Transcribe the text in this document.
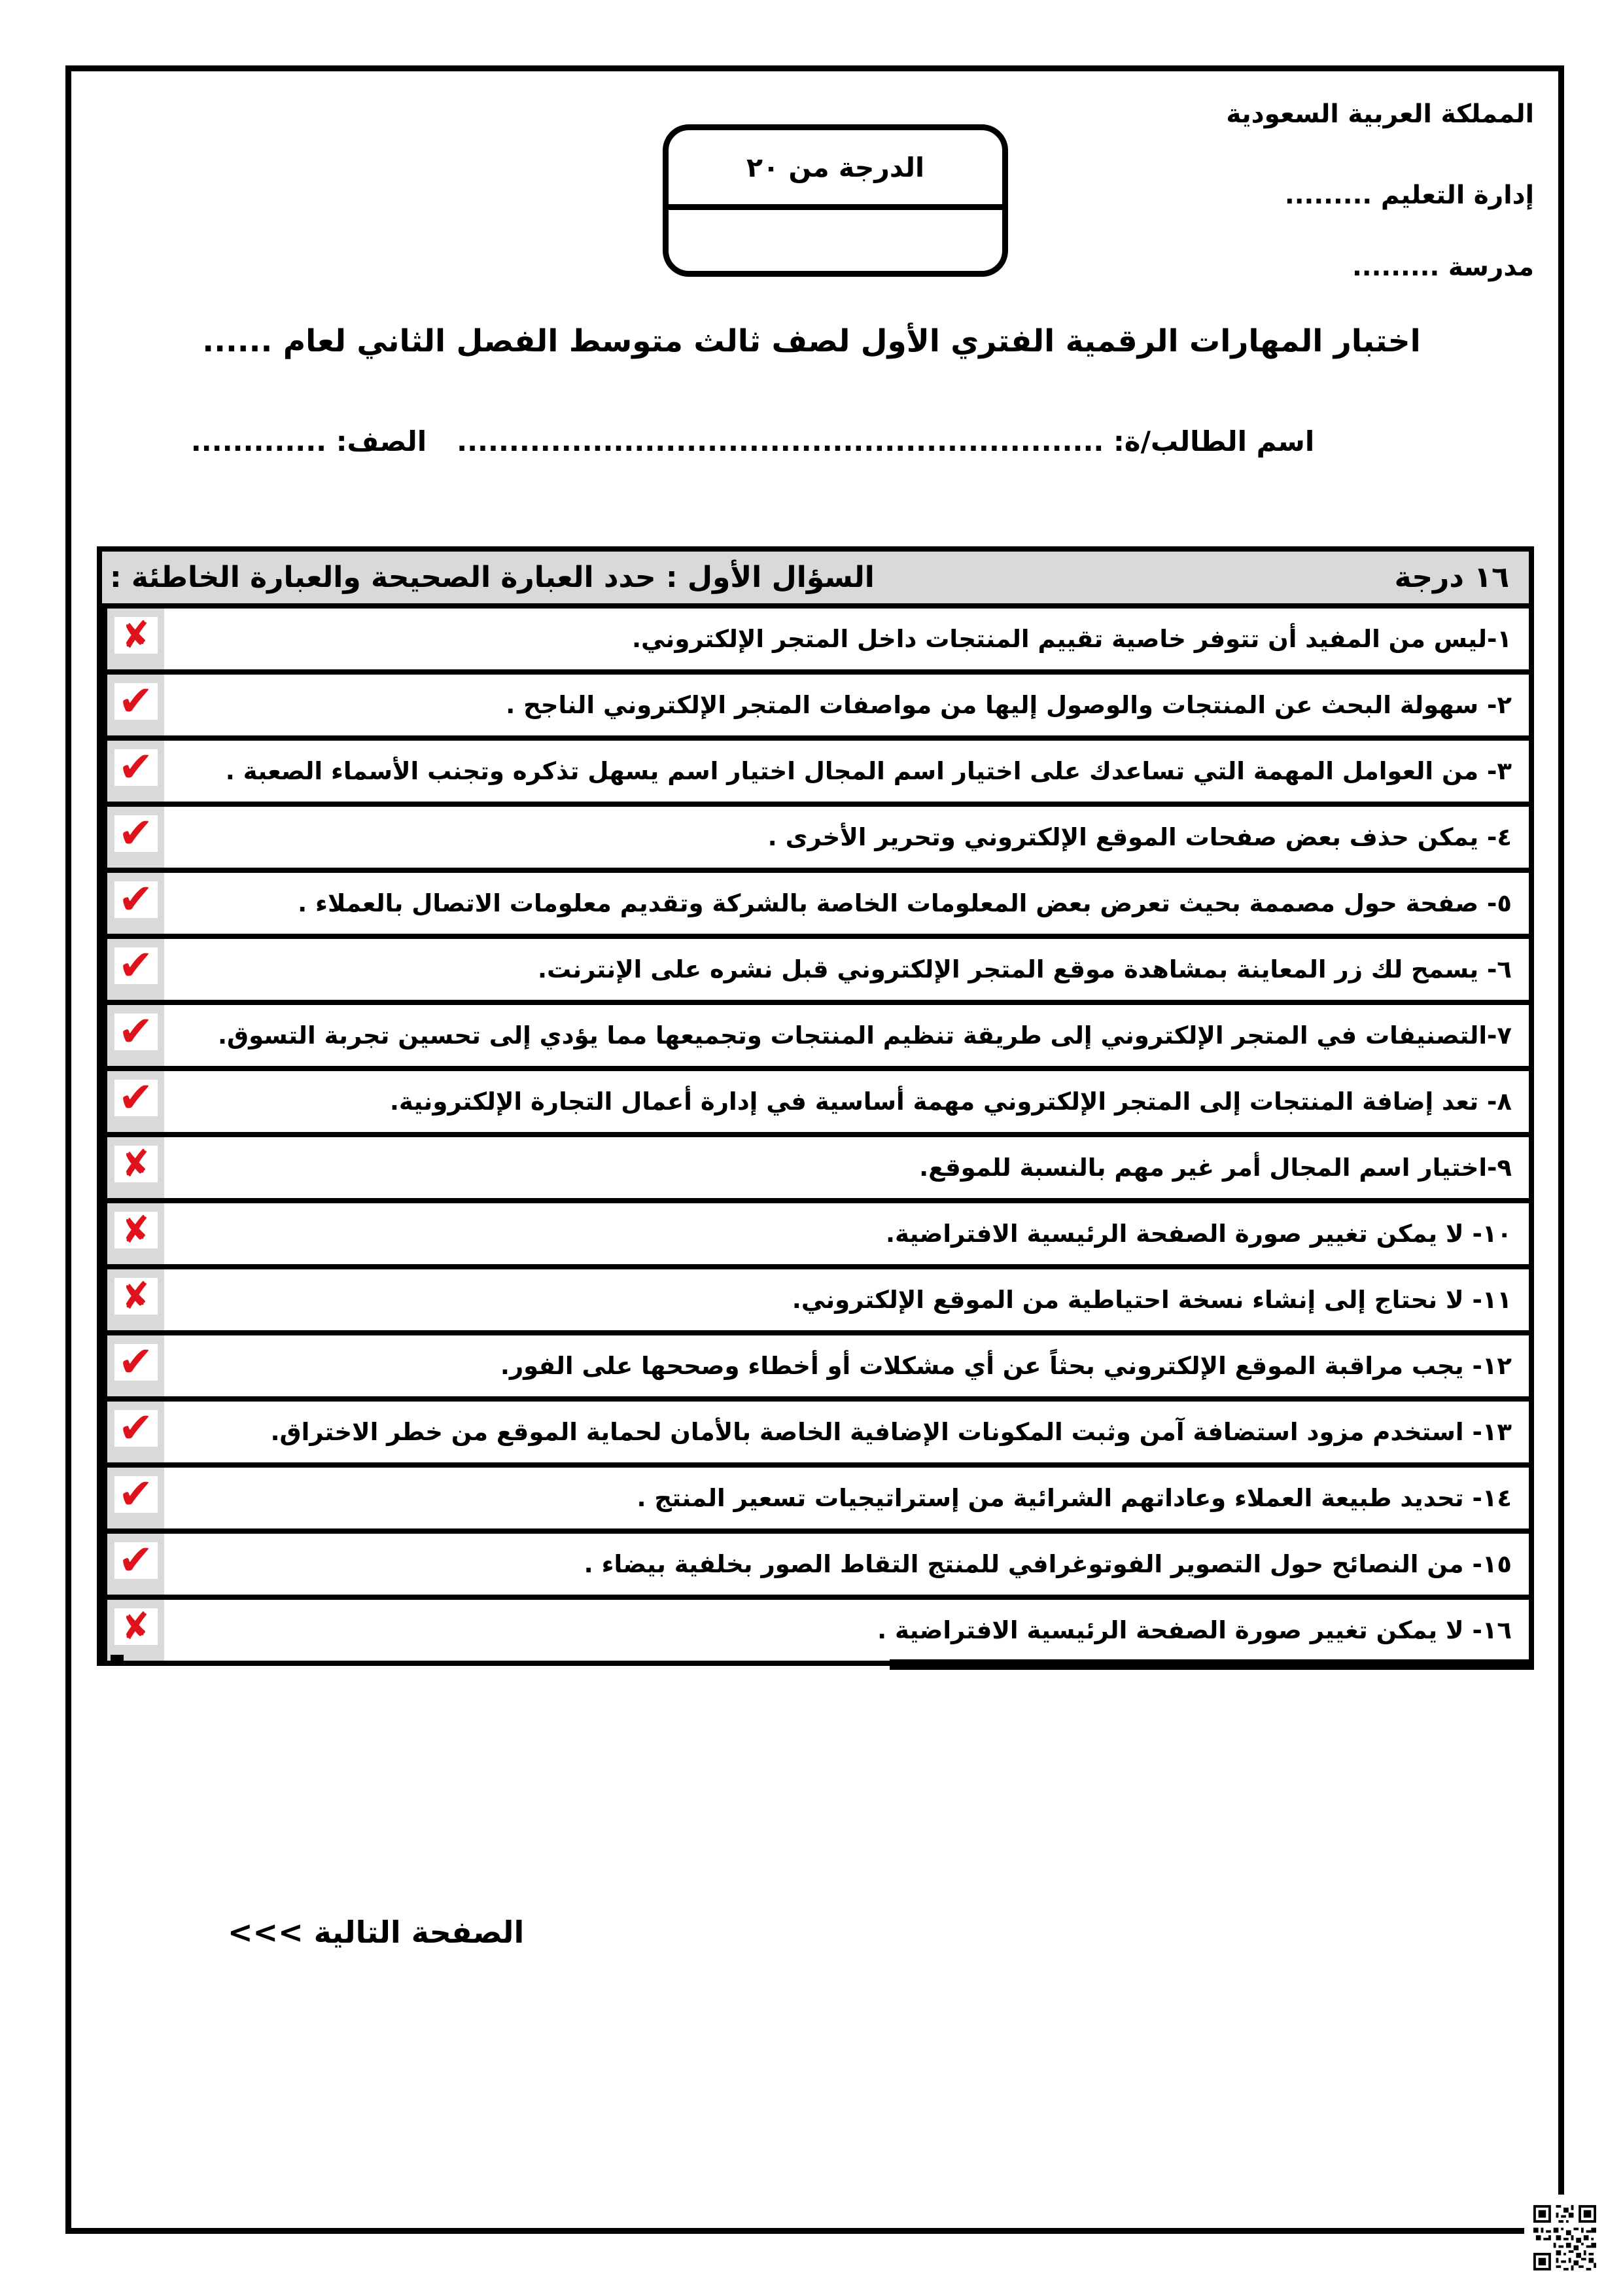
المملكة العربية السعودية
إدارة التعليم .........
مدرسة .........
الدرجة من ٢٠
اختبار المهارات الرقمية الفتري الأول لصف ثالث متوسط الفصل الثاني لعام ......
اسم الطالب/ة: ..............................................................الصف: .............
١٦ درجة
السؤال الأول : حدد العبارة الصحيحة والعبارة الخاطئة :
١-ليس من المفيد أن تتوفر خاصية تقييم المنتجات داخل المتجر الإلكتروني.
✘
٢- سهولة البحث عن المنتجات والوصول إليها من مواصفات المتجر الإلكتروني الناجح .
✔
٣- من العوامل المهمة التي تساعدك على اختيار اسم المجال اختيار اسم يسهل تذكره وتجنب الأسماء الصعبة .
✔
٤- يمكن حذف بعض صفحات الموقع الإلكتروني وتحرير الأخرى .
✔
٥- صفحة حول مصممة بحيث تعرض بعض المعلومات الخاصة بالشركة وتقديم معلومات الاتصال بالعملاء .
✔
٦- يسمح لك زر المعاينة بمشاهدة موقع المتجر الإلكتروني قبل نشره على الإنترنت.
✔
٧-التصنيفات في المتجر الإلكتروني إلى طريقة تنظيم المنتجات وتجميعها مما يؤدي إلى تحسين تجربة التسوق.
✔
٨- تعد إضافة المنتجات إلى المتجر الإلكتروني مهمة أساسية في إدارة أعمال التجارة الإلكترونية.
✔
٩-اختيار اسم المجال أمر غير مهم بالنسبة للموقع.
✘
١٠- لا يمكن تغيير صورة الصفحة الرئيسية الافتراضية.
✘
١١- لا نحتاج إلى إنشاء نسخة احتياطية من الموقع الإلكتروني.
✘
١٢- يجب مراقبة الموقع الإلكتروني بحثاً عن أي مشكلات أو أخطاء وصححها على الفور.
✔
١٣- استخدم مزود استضافة آمن وثبت المكونات الإضافية الخاصة بالأمان لحماية الموقع من خطر الاختراق.
✔
١٤- تحديد طبيعة العملاء وعاداتهم الشرائية من إستراتيجيات تسعير المنتج .
✔
١٥- من النصائح حول التصوير الفوتوغرافي للمنتج التقاط الصور بخلفية بيضاء .
✔
١٦- لا يمكن تغيير صورة الصفحة الرئيسية الافتراضية .
✘
الصفحة التالية >>>
